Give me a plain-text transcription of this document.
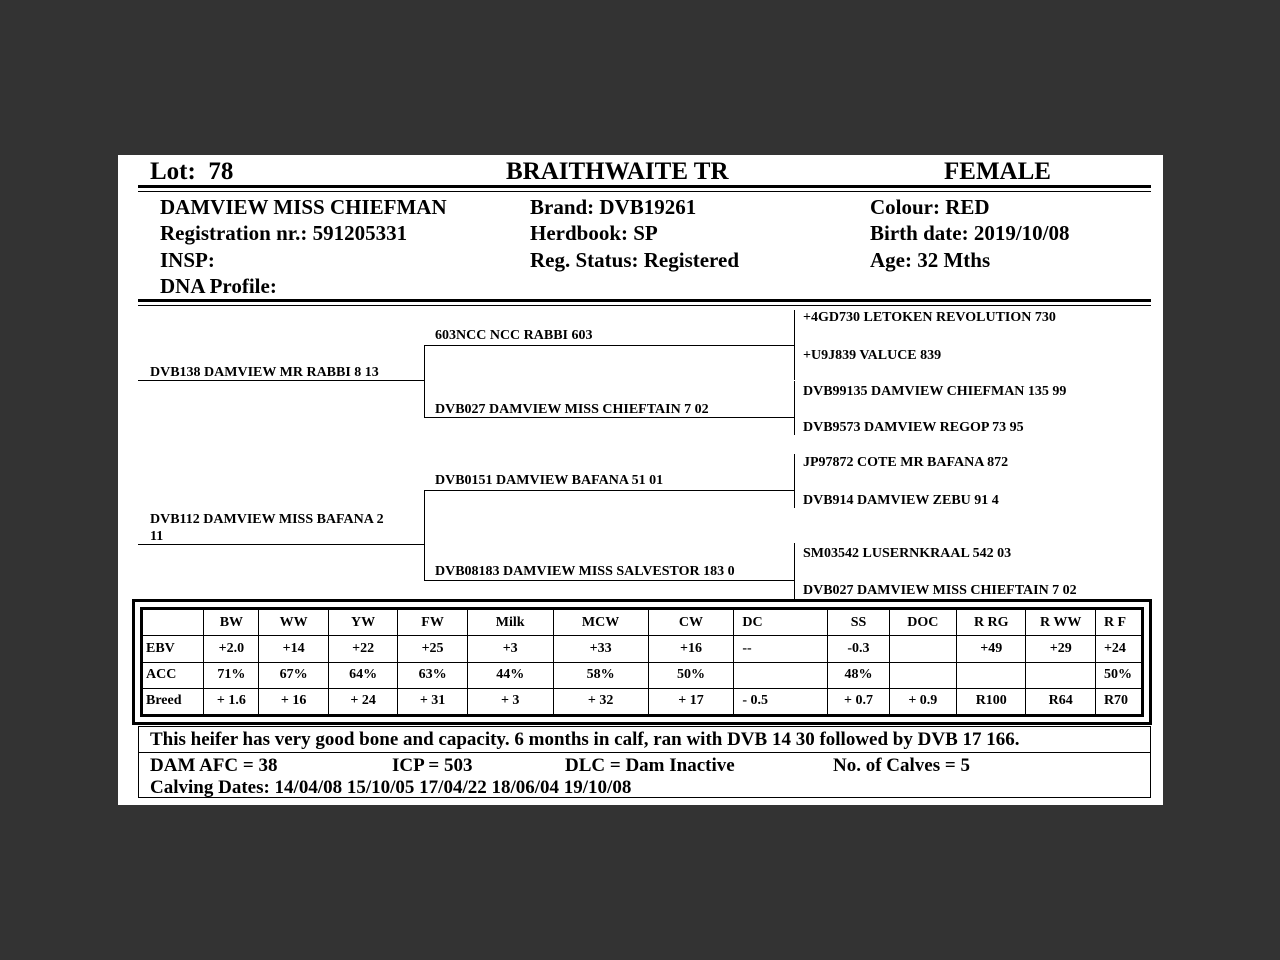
Lot: 78	BRAITHWAITE TR	FEMALE
DAMVIEW MISS CHIEFMAN
Registration nr.: 591205331
INSP:
DNA Profile:
Brand: DVB19261
Herdbook: SP
Reg. Status: Registered
Colour: RED
Birth date: 2019/10/08
Age: 32 Mths
DVB138 DAMVIEW MR RABBI 8 13
DVB112 DAMVIEW MISS BAFANA 2
11
603NCC NCC RABBI 603
DVB027 DAMVIEW MISS CHIEFTAIN 7 02
DVB0151 DAMVIEW BAFANA 51 01
DVB08183 DAMVIEW MISS SALVESTOR 183 0
+4GD730 LETOKEN REVOLUTION 730
+U9J839 VALUCE 839
DVB99135 DAMVIEW CHIEFMAN 135 99
DVB9573 DAMVIEW REGOP 73 95
JP97872 COTE MR BAFANA 872
DVB914 DAMVIEW ZEBU 91 4
SM03542 LUSERNKRAAL 542 03
DVB027 DAMVIEW MISS CHIEFTAIN 7 02
	BW	WW	YW	FW	Milk	MCW	CW	DC	SS	DOC	R RG	R WW	R F
EBV	+2.0	+14	+22	+25	+3	+33	+16	--	-0.3		+49	+29	+24
ACC	71%	67%	64%	63%	44%	58%	50%		48%				50%
Breed	+ 1.6	+ 16	+ 24	+ 31	+ 3	+ 32	+ 17	- 0.5	+ 0.7	+ 0.9	R100	R64	R70
This heifer has very good bone and capacity. 6 months in calf, ran with DVB 14 30 followed by DVB 17 166.
DAM AFC = 38	ICP = 503	DLC = Dam Inactive	No. of Calves = 5
Calving Dates: 14/04/08 15/10/05 17/04/22 18/06/04 19/10/08
